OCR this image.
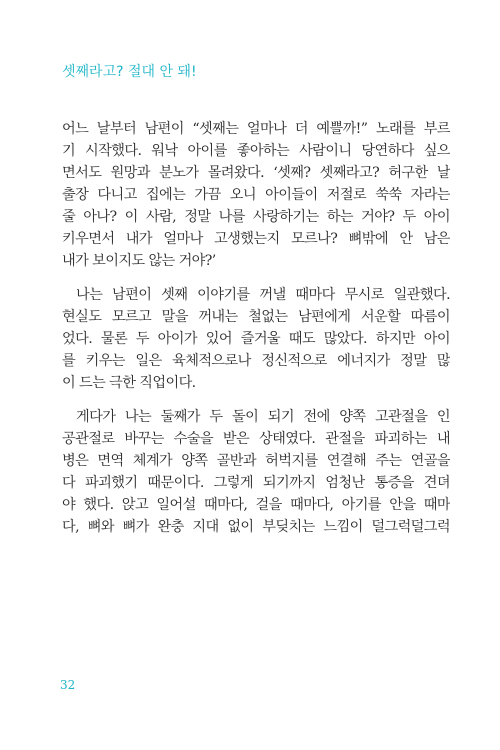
셋째라고? 절대 안 돼!
어느 날부터 남편이 “셋째는 얼마나 더 예쁠까!” 노래를 부르
기 시작했다. 워낙 아이를 좋아하는 사람이니 당연하다 싶으
면서도 원망과 분노가 몰려왔다. ‘셋째? 셋째라고? 허구한 날
출장 다니고 집에는 가끔 오니 아이들이 저절로 쑥쑥 자라는
줄 아나? 이 사람, 정말 나를 사랑하기는 하는 거야? 두 아이
키우면서 내가 얼마나 고생했는지 모르나? 뼈밖에 안 남은
내가 보이지도 않는 거야?’
나는 남편이 셋째 이야기를 꺼낼 때마다 무시로 일관했다.
현실도 모르고 말을 꺼내는 철없는 남편에게 서운할 따름이
었다. 물론 두 아이가 있어 즐거울 때도 많았다. 하지만 아이
를 키우는 일은 육체적으로나 정신적으로 에너지가 정말 많
이 드는 극한 직업이다.
게다가 나는 둘째가 두 돌이 되기 전에 양쪽 고관절을 인
공관절로 바꾸는 수술을 받은 상태였다. 관절을 파괴하는 내
병은 면역 체계가 양쪽 골반과 허벅지를 연결해 주는 연골을
다 파괴했기 때문이다. 그렇게 되기까지 엄청난 통증을 견뎌
야 했다. 앉고 일어설 때마다, 걸을 때마다, 아기를 안을 때마
다, 뼈와 뼈가 완충 지대 없이 부딪치는 느낌이 덜그럭덜그럭
32
